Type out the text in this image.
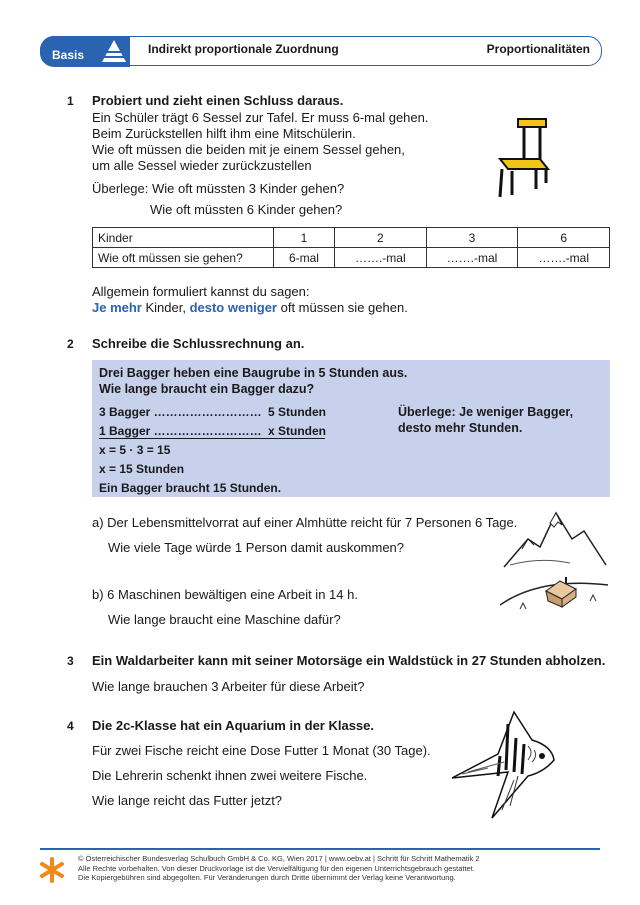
Basis	Indirekt proportionale Zuordnung	Proportionalitäten
1 Probiert und zieht einen Schluss daraus.
Ein Schüler trägt 6 Sessel zur Tafel. Er muss 6-mal gehen.
Beim Zurückstellen hilft ihm eine Mitschülerin.
Wie oft müssen die beiden mit je einem Sessel gehen,
um alle Sessel wieder zurückzustellen
Überlege: Wie oft müssten 3 Kinder gehen?
Wie oft müssten 6 Kinder gehen?
Kinder	1	2	3	6
Wie oft müssen sie gehen?	6-mal	…….-mal	…….-mal	…….-mal
Allgemein formuliert kannst du sagen:
Je mehr Kinder, desto weniger oft müssen sie gehen.
2 Schreibe die Schlussrechnung an.
Drei Bagger heben eine Baugrube in 5 Stunden aus.
Wie lange braucht ein Bagger dazu?
3 Bagger ……………………… 5 Stunden
1 Bagger ……………………… x Stunden
x = 5 · 3 = 15
x = 15 Stunden
Ein Bagger braucht 15 Stunden.
Überlege: Je weniger Bagger,
desto mehr Stunden.
a) Der Lebensmittelvorrat auf einer Almhütte reicht für 7 Personen 6 Tage.
Wie viele Tage würde 1 Person damit auskommen?
b) 6 Maschinen bewältigen eine Arbeit in 14 h.
Wie lange braucht eine Maschine dafür?
3 Ein Waldarbeiter kann mit seiner Motorsäge ein Waldstück in 27 Stunden abholzen.
Wie lange brauchen 3 Arbeiter für diese Arbeit?
4 Die 2c-Klasse hat ein Aquarium in der Klasse.
Für zwei Fische reicht eine Dose Futter 1 Monat (30 Tage).
Die Lehrerin schenkt ihnen zwei weitere Fische.
Wie lange reicht das Futter jetzt?
© Österreichischer Bundesverlag Schulbuch GmbH & Co. KG, Wien 2017 | www.oebv.at | Schritt für Schritt Mathematik 2
Alle Rechte vorbehalten. Von dieser Druckvorlage ist die Vervielfältigung für den eigenen Unterrichtsgebrauch gestattet.
Die Kopiergebühren sind abgegolten. Für Veränderungen durch Dritte übernimmt der Verlag keine Verantwortung.
